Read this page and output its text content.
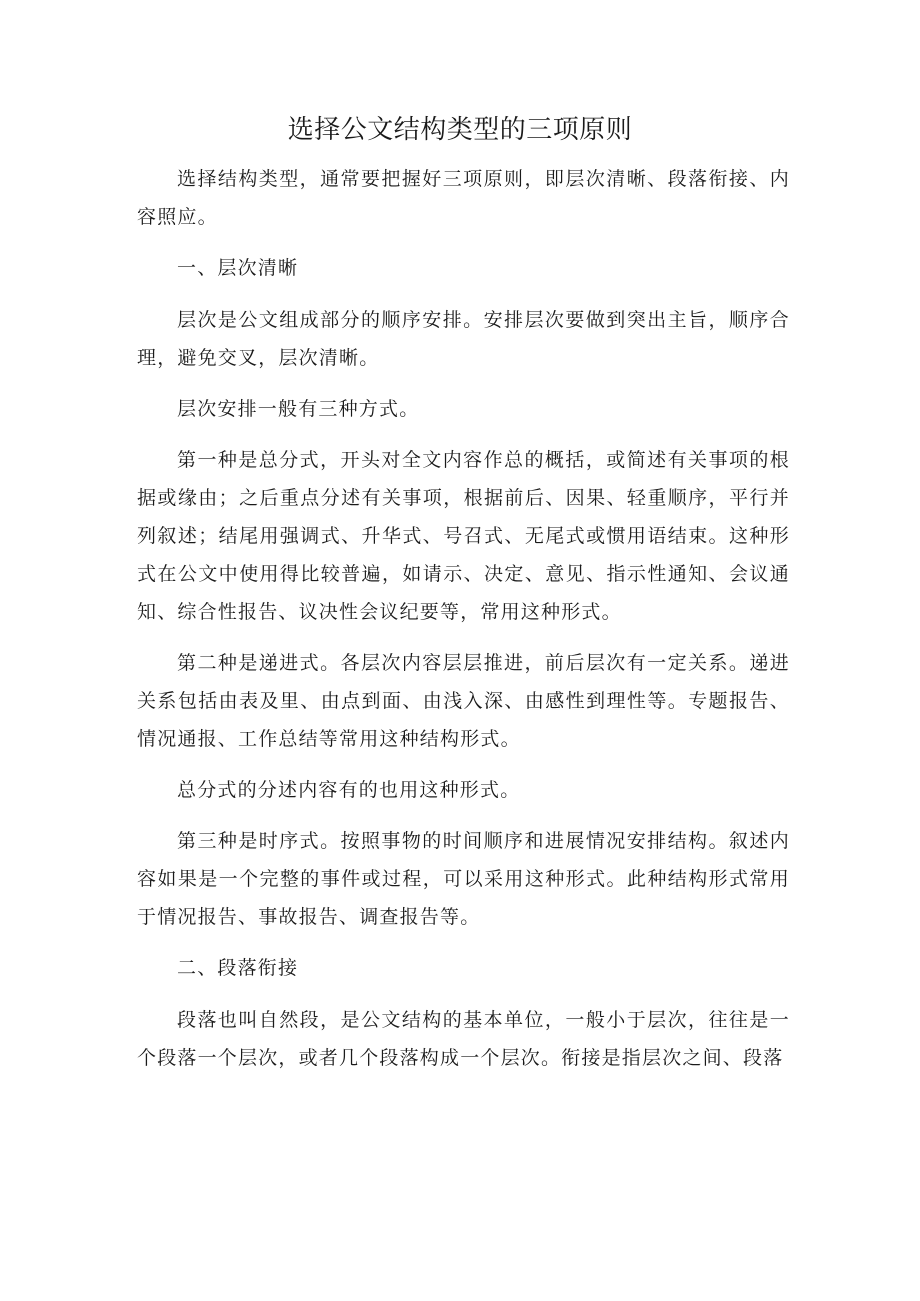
选择公文结构类型的三项原则

选择结构类型，通常要把握好三项原则，即层次清晰、段落衔接、内容照应。

一、层次清晰

层次是公文组成部分的顺序安排。安排层次要做到突出主旨，顺序合理，避免交叉，层次清晰。

层次安排一般有三种方式。

第一种是总分式，开头对全文内容作总的概括，或简述有关事项的根据或缘由；之后重点分述有关事项，根据前后、因果、轻重顺序，平行并列叙述；结尾用强调式、升华式、号召式、无尾式或惯用语结束。这种形式在公文中使用得比较普遍，如请示、决定、意见、指示性通知、会议通知、综合性报告、议决性会议纪要等，常用这种形式。

第二种是递进式。各层次内容层层推进，前后层次有一定关系。递进关系包括由表及里、由点到面、由浅入深、由感性到理性等。专题报告、情况通报、工作总结等常用这种结构形式。

总分式的分述内容有的也用这种形式。

第三种是时序式。按照事物的时间顺序和进展情况安排结构。叙述内容如果是一个完整的事件或过程，可以采用这种形式。此种结构形式常用于情况报告、事故报告、调查报告等。

二、段落衔接

段落也叫自然段，是公文结构的基本单位，一般小于层次，往往是一个段落一个层次，或者几个段落构成一个层次。衔接是指层次之间、段落
